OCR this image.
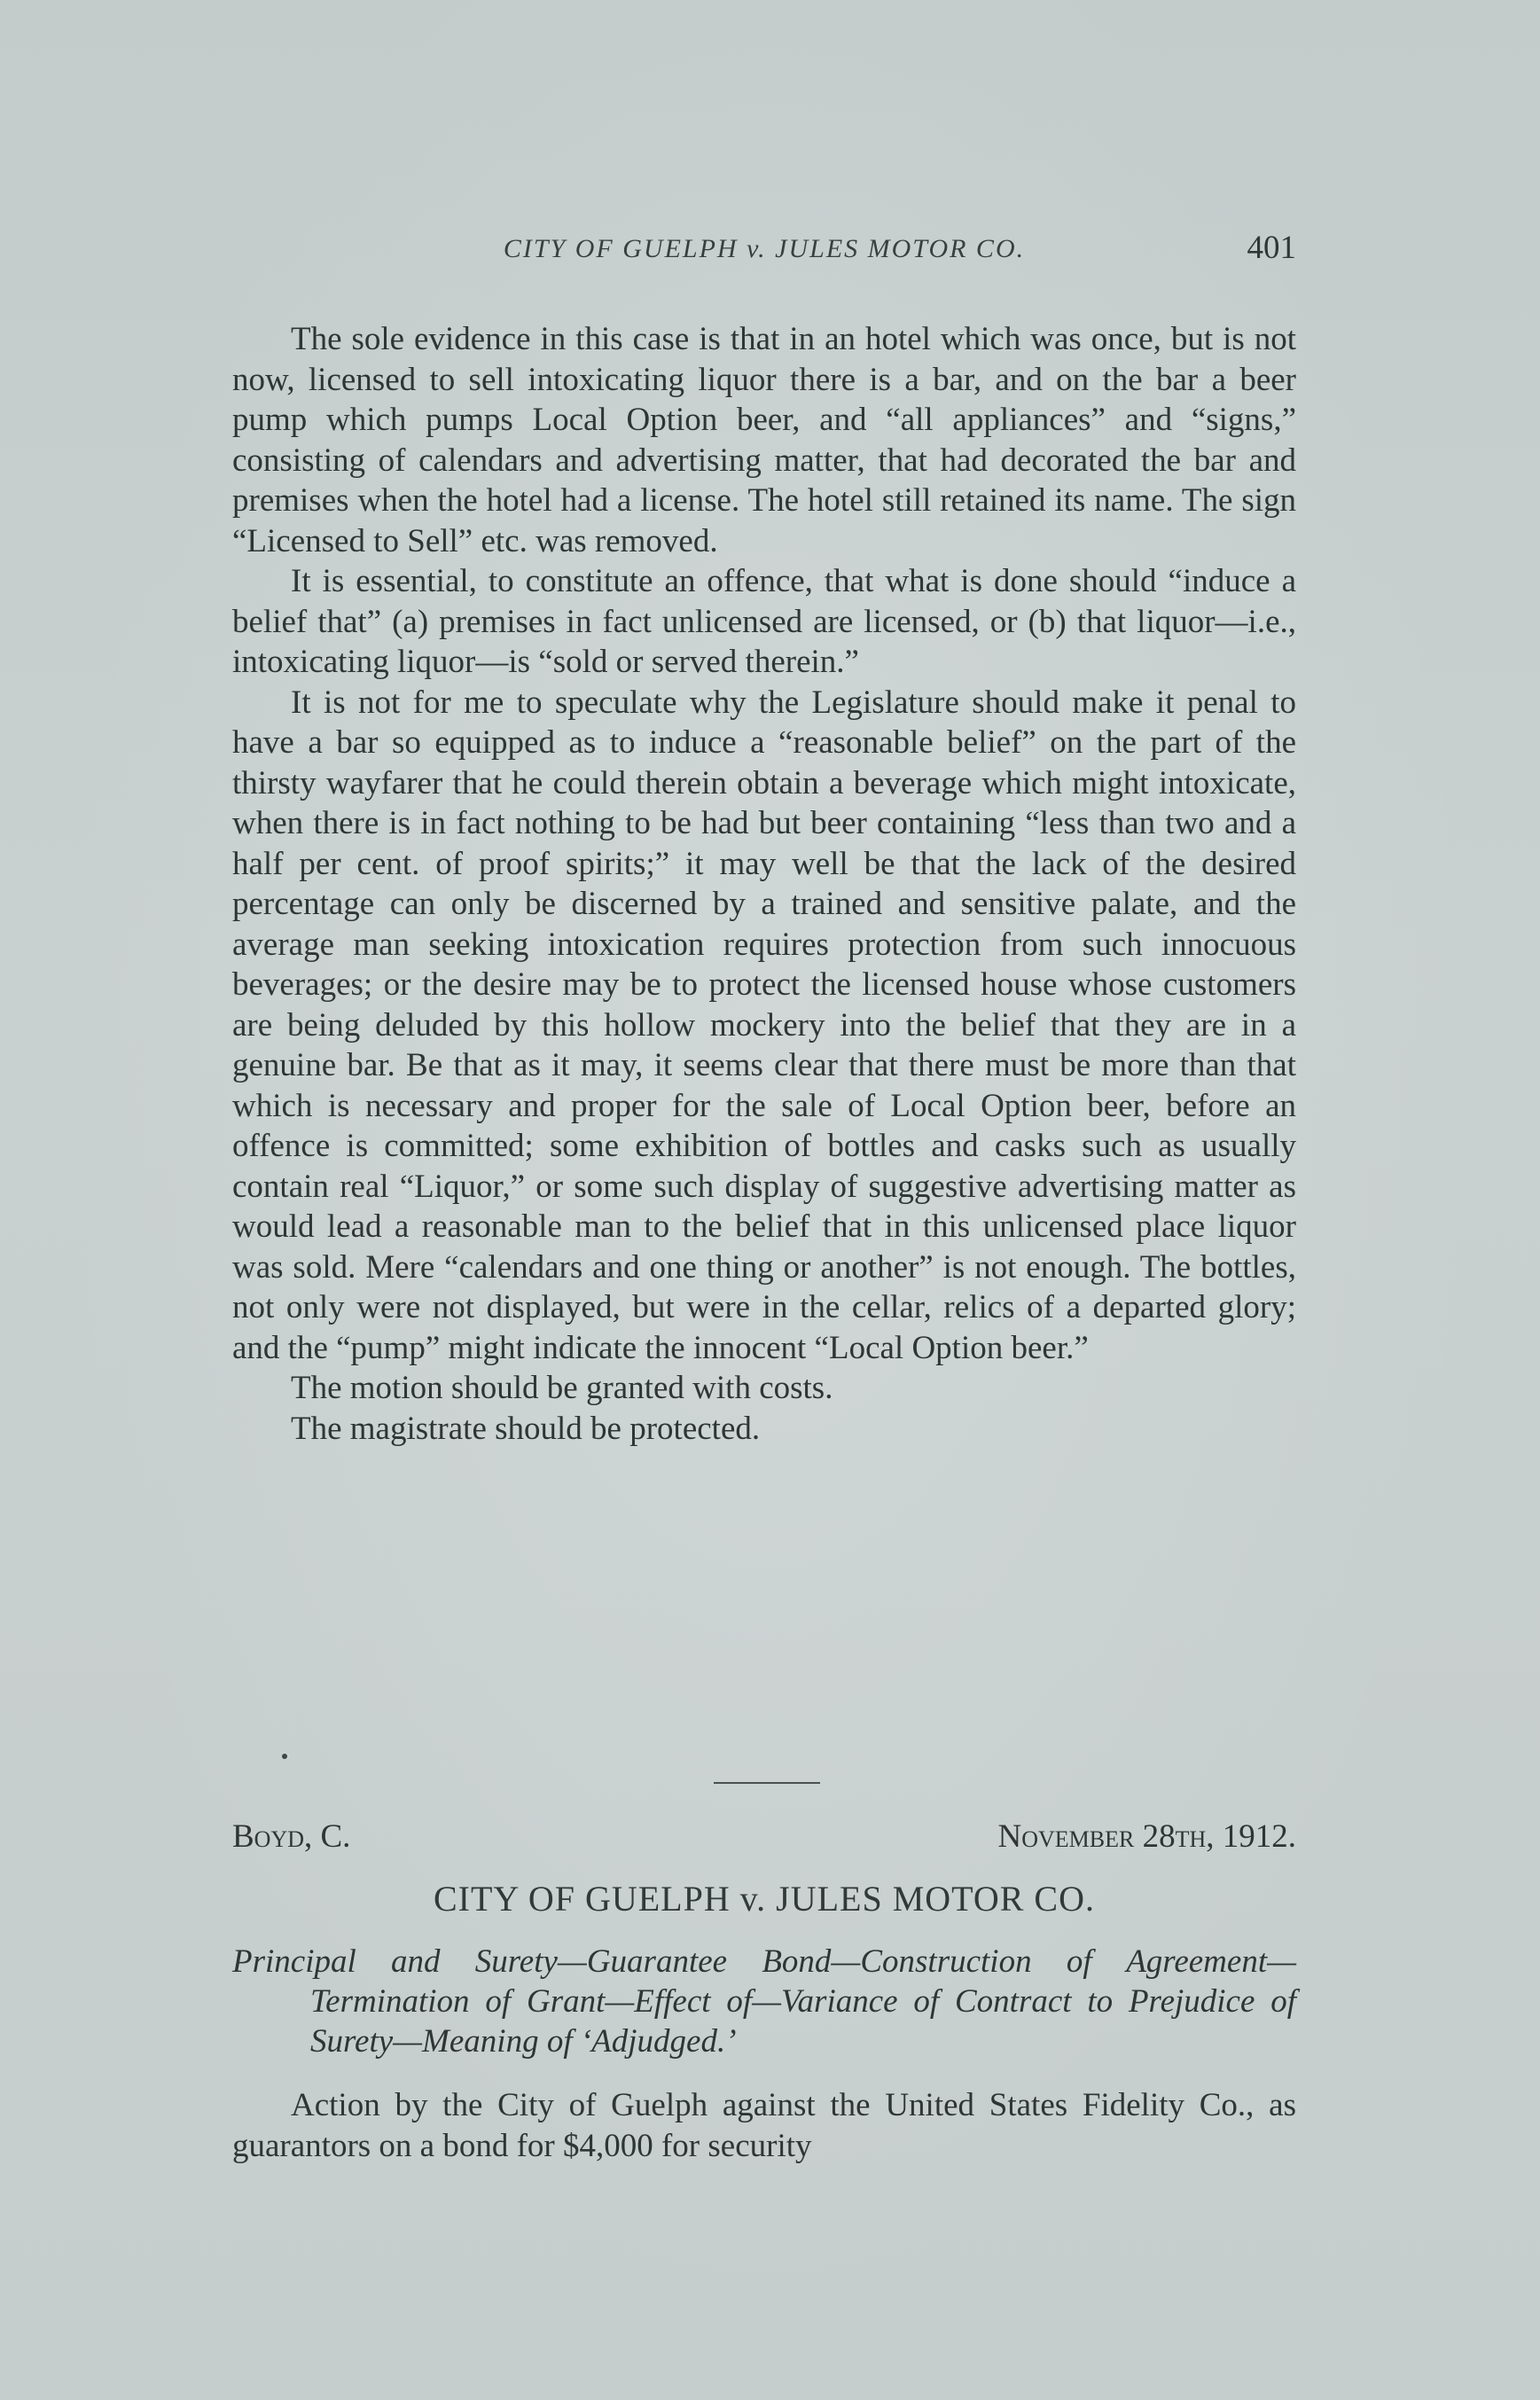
CITY OF GUELPH v. JULES MOTOR CO.	401

The sole evidence in this case is that in an hotel which was once, but is not now, licensed to sell intoxicating liquor there is a bar, and on the bar a beer pump which pumps Local Option beer, and “all appliances” and “signs,” consisting of calendars and advertising matter, that had decorated the bar and premises when the hotel had a license. The hotel still retained its name. The sign “Licensed to Sell” etc. was removed.

It is essential, to constitute an offence, that what is done should “induce a belief that” (a) premises in fact unlicensed are licensed, or (b) that liquor—i.e., intoxicating liquor—is “sold or served therein.”

It is not for me to speculate why the Legislature should make it penal to have a bar so equipped as to induce a “reasonable belief” on the part of the thirsty wayfarer that he could therein obtain a beverage which might intoxicate, when there is in fact nothing to be had but beer containing “less than two and a half per cent. of proof spirits;” it may well be that the lack of the desired percentage can only be discerned by a trained and sensitive palate, and the average man seeking intoxication requires protection from such innocuous beverages; or the desire may be to protect the licensed house whose customers are being deluded by this hollow mockery into the belief that they are in a genuine bar. Be that as it may, it seems clear that there must be more than that which is necessary and proper for the sale of Local Option beer, before an offence is committed; some exhibition of bottles and casks such as usually contain real “Liquor,” or some such display of suggestive advertising matter as would lead a reasonable man to the belief that in this unlicensed place liquor was sold. Mere “calendars and one thing or another” is not enough. The bottles, not only were not displayed, but were in the cellar, relics of a departed glory; and the “pump” might indicate the innocent “Local Option beer.”

The motion should be granted with costs.

The magistrate should be protected.

Boyd, C.	November 28th, 1912.
CITY OF GUELPH v. JULES MOTOR CO.
Principal and Surety—Guarantee Bond—Construction of Agreement—Termination of Grant—Effect of—Variance of Contract to Prejudice of Surety—Meaning of ‘Adjudged.’
Action by the City of Guelph against the United States Fidelity Co., as guarantors on a bond for $4,000 for security
